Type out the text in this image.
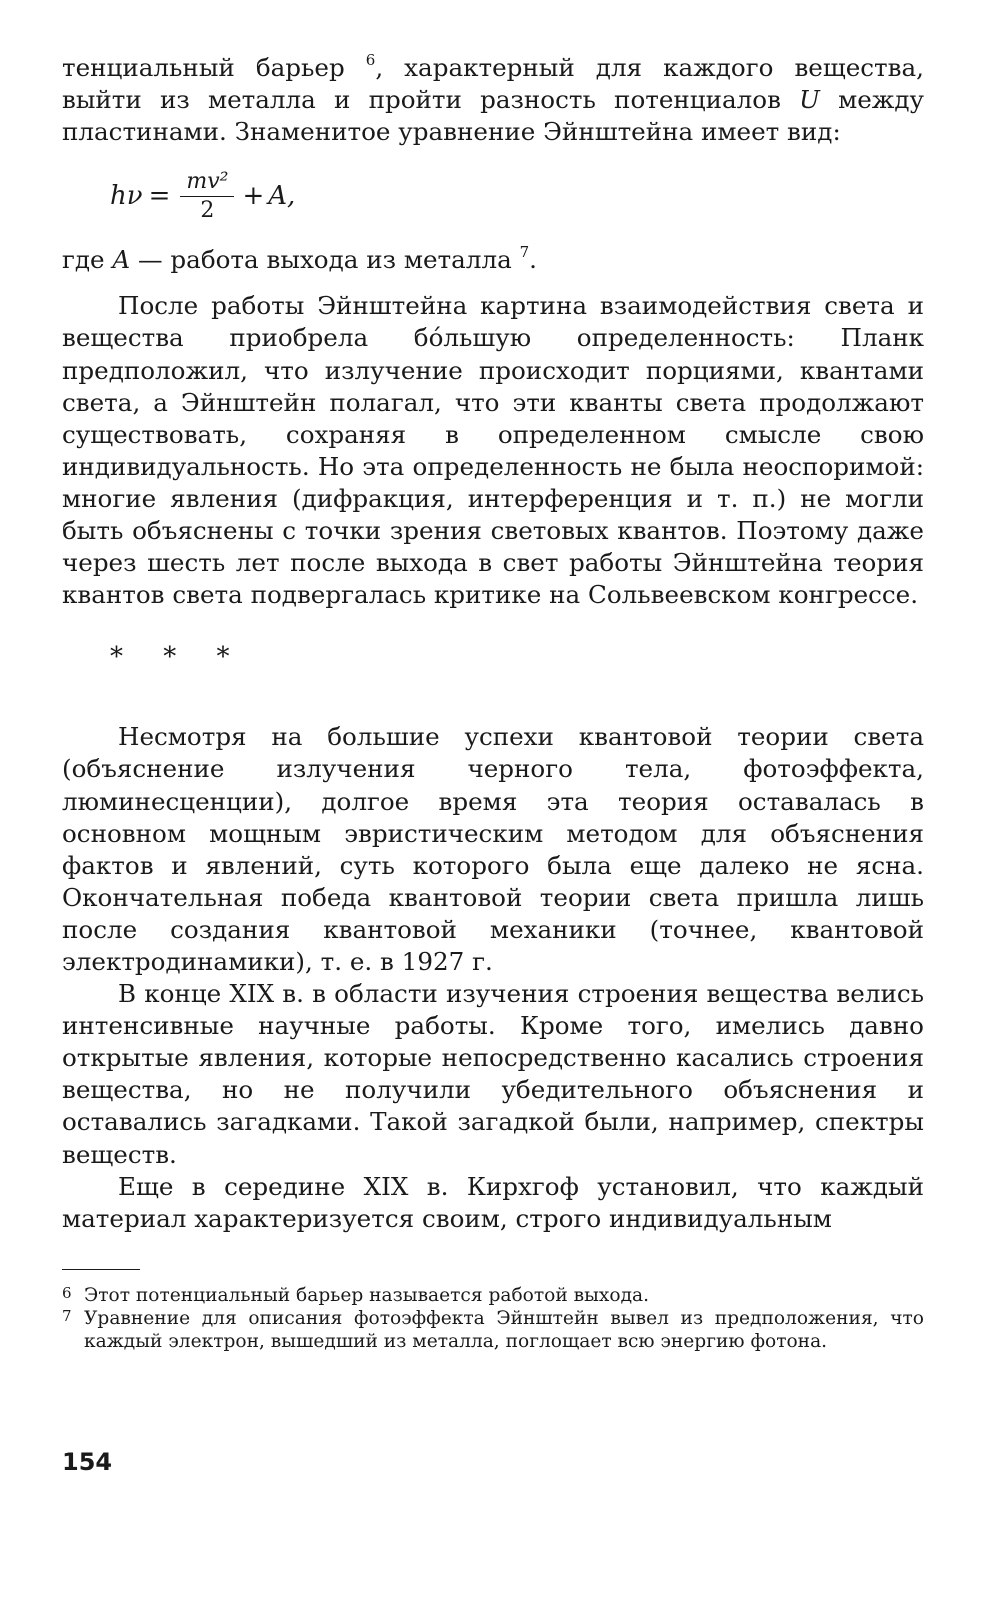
тенциальный барьер $^6$, характерный для каждого вещества, выйти из металла и пройти разность потенциалов U между пластинами. Знаменитое уравнение Эйнштейна имеет вид:

$h\nu = \frac{\text{mv²}}{2} + A$,

где A — работа выхода из металла $^7$.

После работы Эйнштейна картина взаимодействия света и вещества приобрела бо́льшую определенность: Планк предположил, что излучение происходит порциями, квантами света, а Эйнштейн полагал, что эти кванты света продолжают существовать, сохраняя в определенном смысле свою индивидуальность. Но эта определенность не была неоспоримой: многие явления (дифракция, интерференция и т. п.) не могли быть объяснены с точки зрения световых квантов. Поэтому даже через шесть лет после выхода в свет работы Эйнштейна теория квантов света подвергалась критике на Сольвеевском конгрессе.

* * *

Несмотря на большие успехи квантовой теории света (объяснение излучения черного тела, фотоэффекта, люминесценции), долгое время эта теория оставалась в основном мощным эвристическим методом для объяснения фактов и явлений, суть которого была еще далеко не ясна. Окончательная победа квантовой теории света пришла лишь после создания квантовой механики (точнее, квантовой электродинамики), т. е. в 1927 г.

В конце XIX в. в области изучения строения вещества велись интенсивные научные работы. Кроме того, имелись давно открытые явления, которые непосредственно касались строения вещества, но не получили убедительного объяснения и оставались загадками. Такой загадкой были, например, спектры веществ.

Еще в середине XIX в. Кирхгоф установил, что каждый материал характеризуется своим, строго индивидуальным

6 Этот потенциальный барьер называется работой выхода.

7 Уравнение для описания фотоэффекта Эйнштейн вывел из предположения, что каждый электрон, вышедший из металла, поглощает всю энергию фотона.

154
